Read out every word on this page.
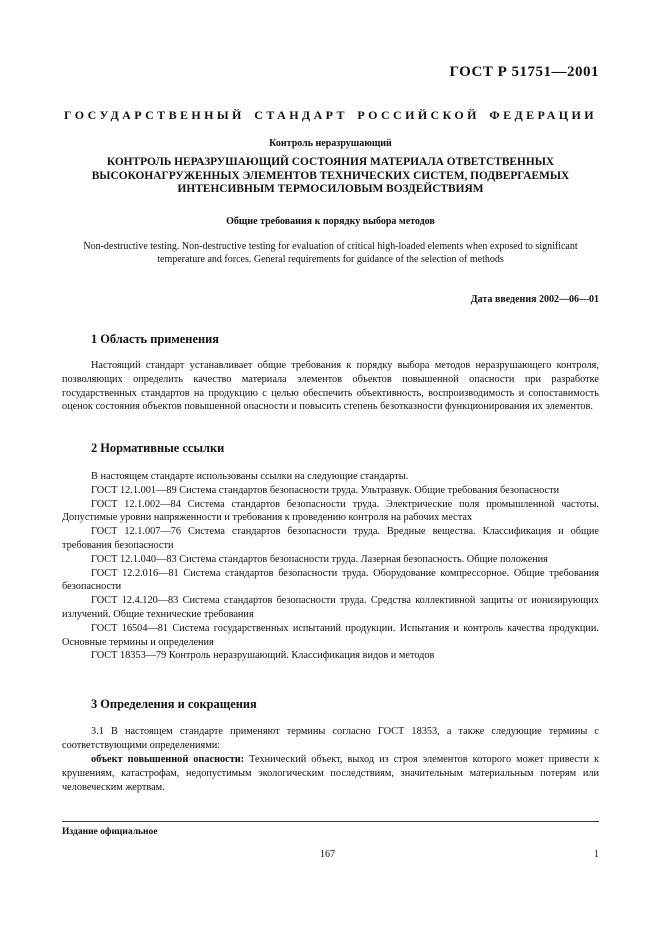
ГОСТ Р 51751—2001
ГОСУДАРСТВЕННЫЙ СТАНДАРТ РОССИЙСКОЙ ФЕДЕРАЦИИ
Контроль неразрушающий
КОНТРОЛЬ НЕРАЗРУШАЮЩИЙ СОСТОЯНИЯ МАТЕРИАЛА ОТВЕТСТВЕННЫХ ВЫСОКОНАГРУЖЕННЫХ ЭЛЕМЕНТОВ ТЕХНИЧЕСКИХ СИСТЕМ, ПОДВЕРГАЕМЫХ ИНТЕНСИВНЫМ ТЕРМОСИЛОВЫМ ВОЗДЕЙСТВИЯМ
Общие требования к порядку выбора методов
Non-destructive testing. Non-destructive testing for evaluation of critical high-loaded elements when exposed to significant temperature and forces. General requirements for guidance of the selection of methods
Дата введения 2002—06—01
1 Область применения
Настоящий стандарт устанавливает общие требования к порядку выбора методов неразрушающего контроля, позволяющих определить качество материала элементов объектов повышенной опасности при разработке государственных стандартов на продукцию с целью обеспечить объективность, воспроизводимость и сопоставимость оценок состояния объектов повышенной опасности и повысить степень безотказности функционирования их элементов.
2 Нормативные ссылки

В настоящем стандарте использованы ссылки на следующие стандарты.

ГОСТ 12.1.001—89 Система стандартов безопасности труда. Ультразвук. Общие требования безопасности

ГОСТ 12.1.002—84 Система стандартов безопасности труда. Электрические поля промышленной частоты. Допустимые уровни напряженности и требования к проведению контроля на рабочих местах

ГОСТ 12.1.007—76 Система стандартов безопасности труда. Вредные вещества. Классификация и общие требования безопасности

ГОСТ 12.1.040—83 Система стандартов безопасности труда. Лазерная безопасность. Общие положения

ГОСТ 12.2.016—81 Система стандартов безопасности труда. Оборудование компрессорное. Общие требования безопасности

ГОСТ 12.4.120—83 Система стандартов безопасности труда. Средства коллективной защиты от ионизирующих излучений. Общие технические требования

ГОСТ 16504—81 Система государственных испытаний продукции. Испытания и контроль качества продукции. Основные термины и определения

ГОСТ 18353—79 Контроль неразрушающий. Классификация видов и методов

3 Определения и сокращения
3.1 В настоящем стандарте применяют термины согласно ГОСТ 18353, а также следующие термины с соответствующими определениями:
объект повышенной опасности: Технический объект, выход из строя элементов которого может привести к крушениям, катастрофам, недопустимым экологическим последствиям, значительным материальным потерям или человеческим жертвам.
Издание официальное
167	1
